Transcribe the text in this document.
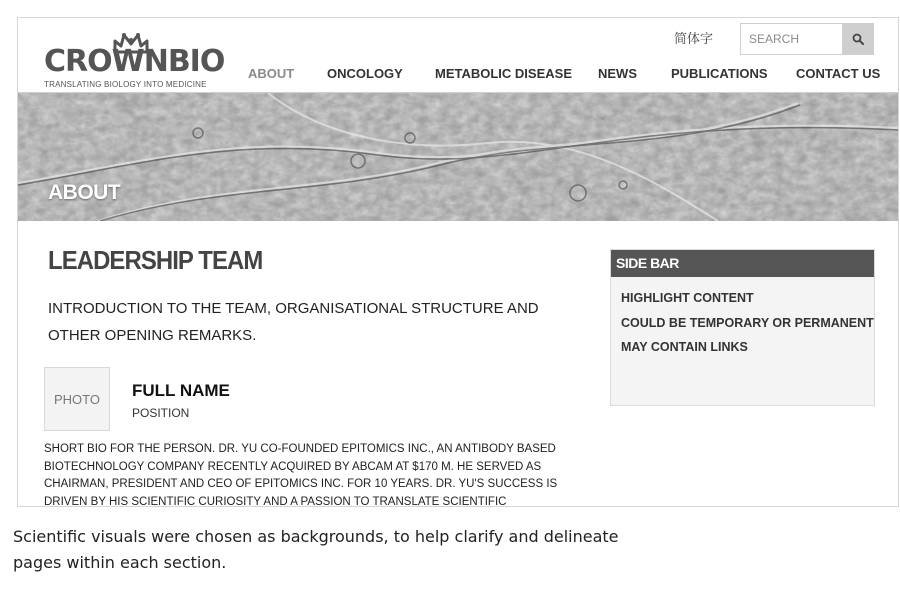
CROWNBIO
TRANSLATING BIOLOGY INTO MEDICINE
简体字
SEARCH
ABOUT	ONCOLOGY METABOLIC DISEASE NEWS	PUBLICATIONS CONTACT US
ABOUT
LEADERSHIP TEAM
INTRODUCTION TO THE TEAM, ORGANISATIONAL STRUCTURE AND OTHER OPENING REMARKS.
PHOTO	FULL NAME
POSITION
SHORT BIO FOR THE PERSON. DR. YU CO-FOUNDED EPITOMICS INC., AN ANTIBODY BASED BIOTECHNOLOGY COMPANY RECENTLY ACQUIRED BY ABCAM AT $170 M. HE SERVED AS CHAIRMAN, PRESIDENT AND CEO OF EPITOMICS INC. FOR 10 YEARS. DR. YU'S SUCCESS IS DRIVEN BY HIS SCIENTIFIC CURIOSITY AND A PASSION TO TRANSLATE SCIENTIFIC
SIDE BAR
HIGHLIGHT CONTENT
COULD BE TEMPORARY OR PERMANENT
MAY CONTAIN LINKS
Scientific visuals were chosen as backgrounds, to help clarify and delineate pages within each section.
